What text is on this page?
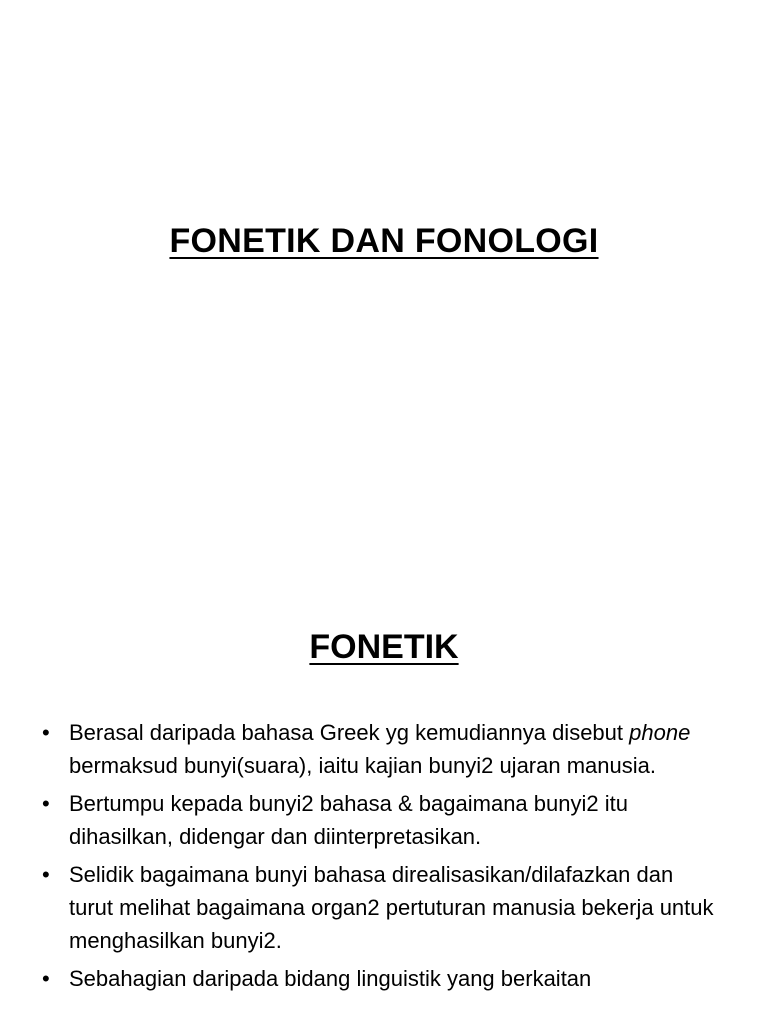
FONETIK DAN FONOLOGI
FONETIK
• Berasal daripada bahasa Greek yg kemudiannya disebut phone bermaksud bunyi(suara), iaitu kajian bunyi2 ujaran manusia.
• Bertumpu kepada bunyi2 bahasa & bagaimana bunyi2 itu dihasilkan, didengar dan diinterpretasikan.
• Selidik bagaimana bunyi bahasa direalisasikan/dilafazkan dan turut melihat bagaimana organ2 pertuturan manusia bekerja untuk menghasilkan bunyi2.
• Sebahagian daripada bidang linguistik yang berkaitan
